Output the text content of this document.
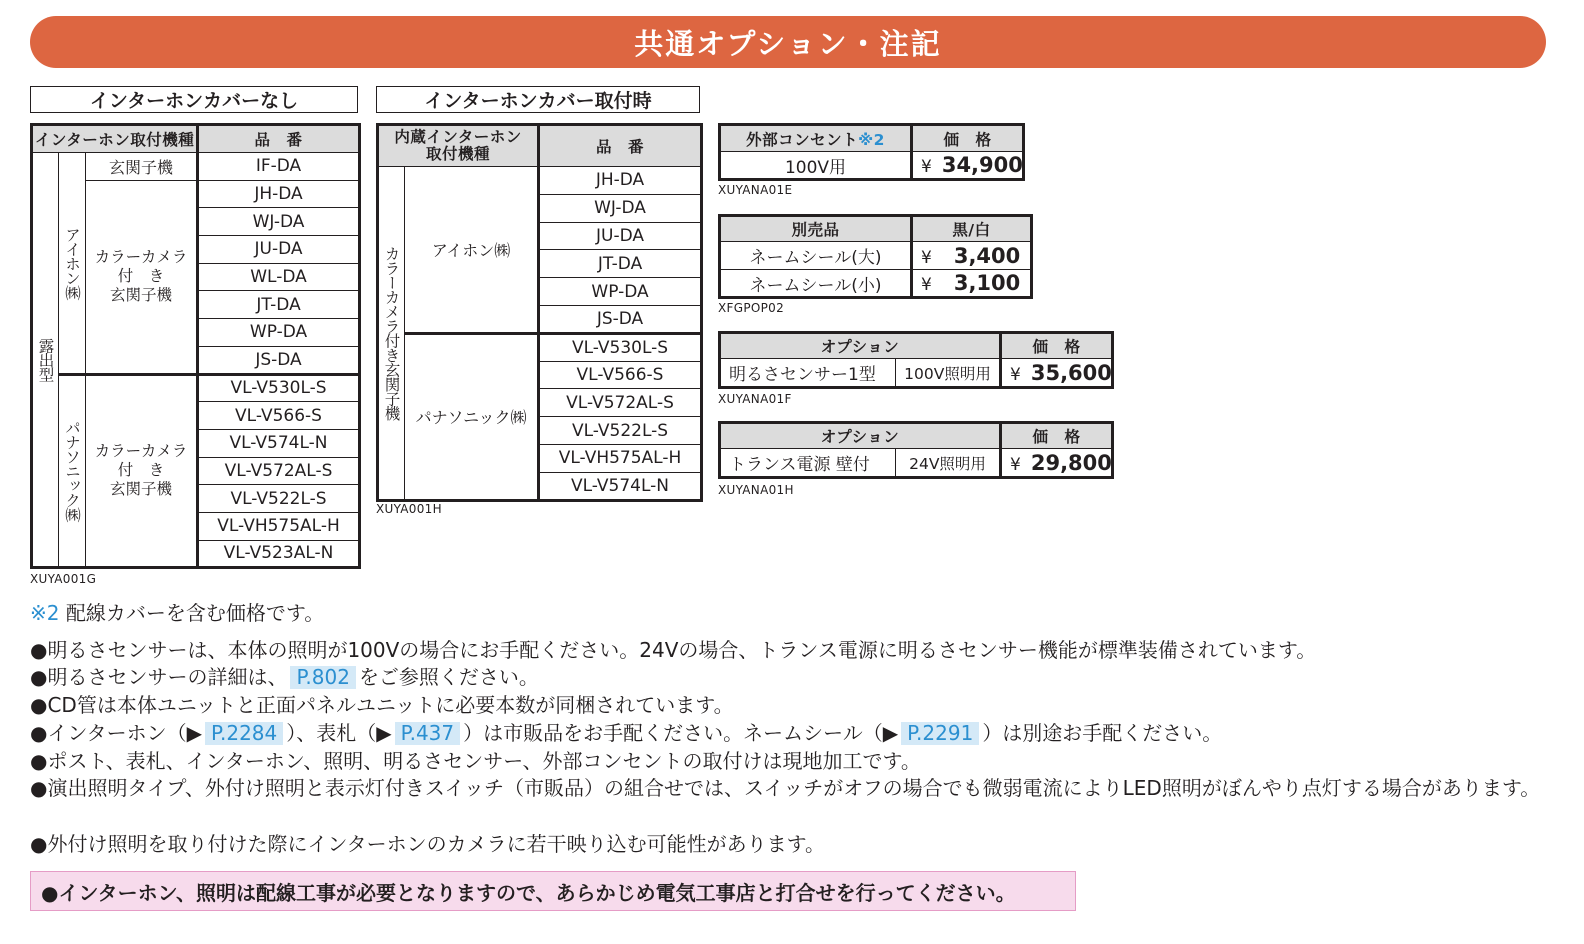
共通オプション・注記
インターホンカバーなし
インターホン取付機種			品　番
露出型	アイホン㈱	玄関子機	IF-DA
		カラーカメラ
付　き
玄関子機	JH-DA
			WJ-DA
			JU-DA
			WL-DA
			JT-DA
			WP-DA
			JS-DA
	パナソニック㈱	カラーカメラ
付　き
玄関子機	VL-V530L-S
			VL-V566-S
			VL-V574L-N
			VL-V572AL-S
			VL-V522L-S
			VL-VH575AL-H
			VL-V523AL-N
XUYA001G
インターホンカバー取付時
内蔵インターホン
取付機種		品　番
カラーカメラ付き玄関子機	アイホン㈱	JH-DA
		WJ-DA
		JU-DA
		JT-DA
		WP-DA
		JS-DA
	パナソニック㈱	VL-V530L-S
		VL-V566-S
		VL-V572AL-S
		VL-V522L-S
		VL-VH575AL-H
		VL-V574L-N
XUYA001H
外部コンセント※2	価　格
100V用	¥ 34,900
XUYANA01E
別売品	黒/白
ネームシール(大)	¥ 3,400
ネームシール(小)	¥ 3,100
XFGPOP02
オプション		価　格
明るさセンサー1型	100V照明用	¥ 35,600
XUYANA01F
オプション		価　格
トランス電源 壁付	24V照明用	¥ 29,800
XUYANA01H
※2 配線カバーを含む価格です。
●明るさセンサーは、本体の照明が100Vの場合にお手配ください。24Vの場合、トランス電源に明るさセンサー機能が標準装備されています。
●明るさセンサーの詳細は、 P.802 をご参照ください。
●CD管は本体ユニットと正面パネルユニットに必要本数が同梱されています。
●インターホン（▶ P.2284 ）、表札（▶ P.437 ）は市販品をお手配ください。ネームシール（▶ P.2291 ）は別途お手配ください。
●ポスト、表札、インターホン、照明、明るさセンサー、外部コンセントの取付けは現地加工です。
●演出照明タイプ、外付け照明と表示灯付きスイッチ（市販品）の組合せでは、スイッチがオフの場合でも微弱電流によりLED照明がぼんやり点灯する場合があります。
●外付け照明を取り付けた際にインターホンのカメラに若干映り込む可能性があります。
●インターホン、照明は配線工事が必要となりますので、あらかじめ電気工事店と打合せを行ってください。
